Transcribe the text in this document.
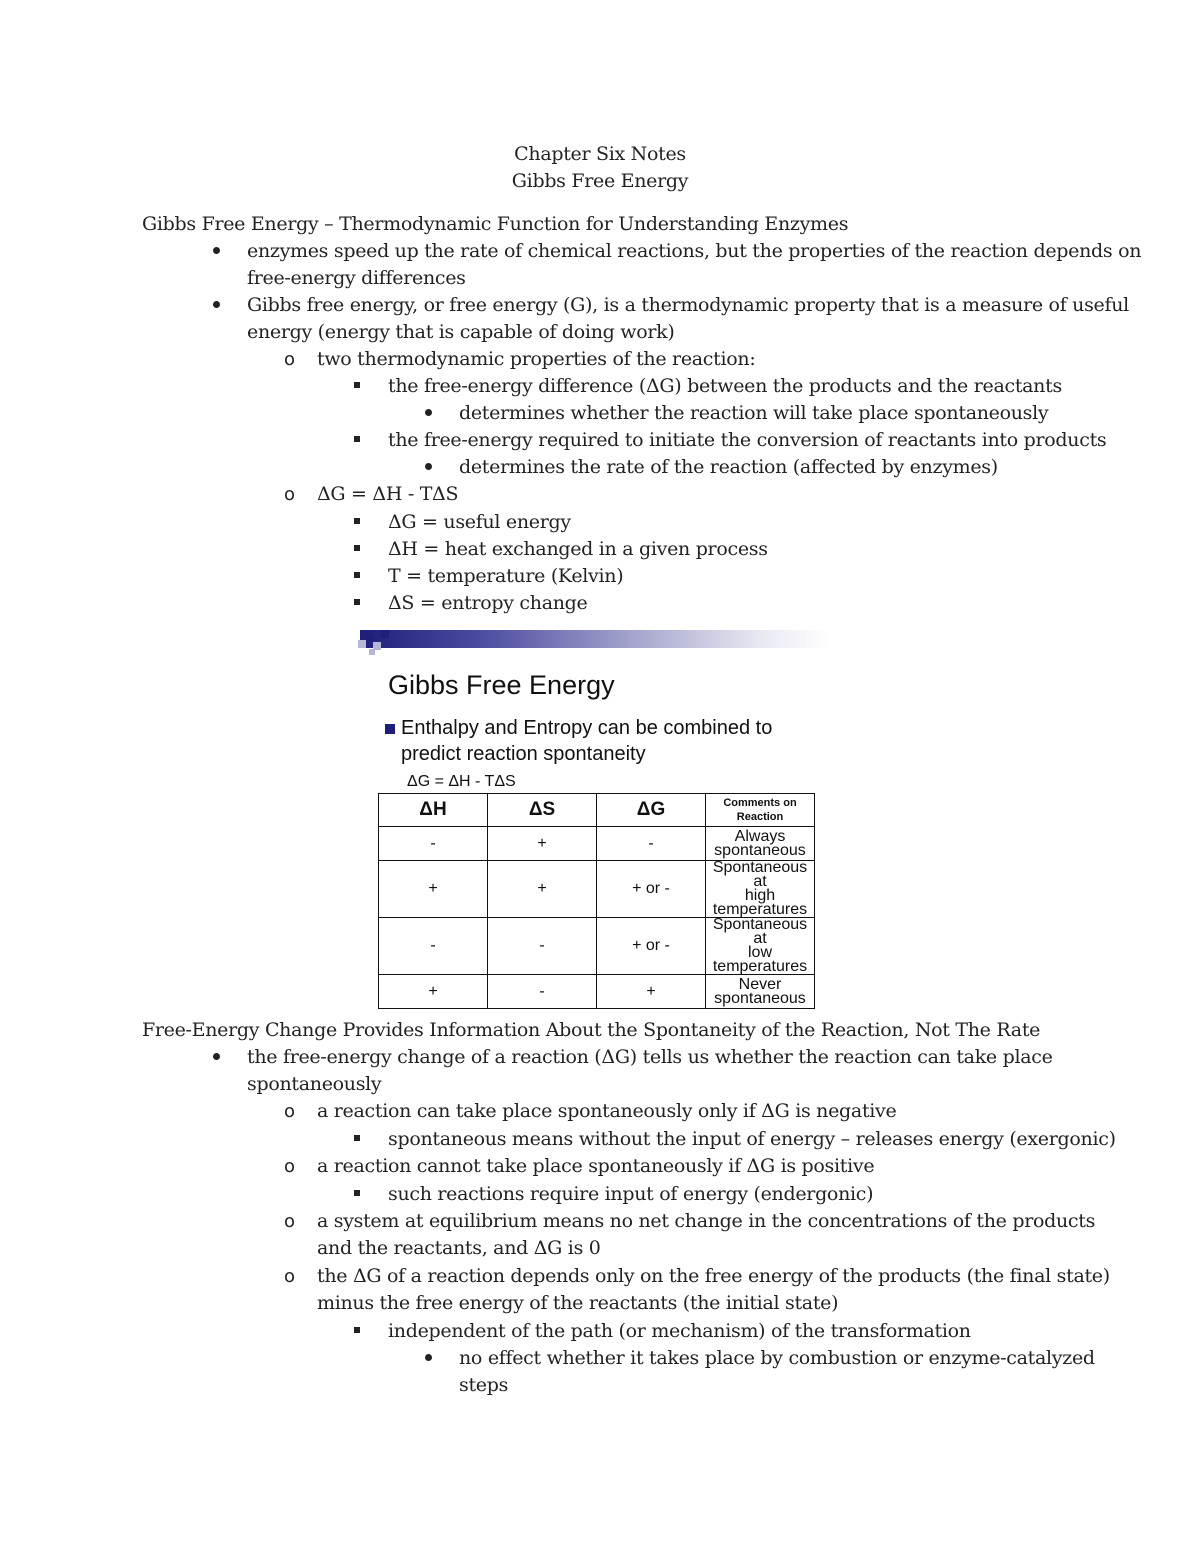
Chapter Six Notes
Gibbs Free Energy
Gibbs Free Energy – Thermodynamic Function for Understanding Enzymes
enzymes speed up the rate of chemical reactions, but the properties of the reaction depends on
free-energy differences
Gibbs free energy, or free energy (G), is a thermodynamic property that is a measure of useful
energy (energy that is capable of doing work)
o two thermodynamic properties of the reaction:
the free-energy difference (ΔG) between the products and the reactants
determines whether the reaction will take place spontaneously
the free-energy required to initiate the conversion of reactants into products
determines the rate of the reaction (affected by enzymes)
o ΔG = ΔH - TΔS
ΔG = useful energy
ΔH = heat exchanged in a given process
T = temperature (Kelvin)
ΔS = entropy change
Gibbs Free Energy
Enthalpy and Entropy can be combined to
predict reaction spontaneity
ΔG = ΔH - TΔS
ΔH	ΔS	ΔG	Comments on
Reaction

-	+	-	Always
spontaneous

+	+	+ or -	Spontaneous at
high temperatures

-	-	+ or -	Spontaneous at
low temperatures

+	-	+	Never
spontaneous
Free-Energy Change Provides Information About the Spontaneity of the Reaction, Not The Rate
the free-energy change of a reaction (ΔG) tells us whether the reaction can take place
spontaneously
o a reaction can take place spontaneously only if ΔG is negative
spontaneous means without the input of energy – releases energy (exergonic)
o a reaction cannot take place spontaneously if ΔG is positive
such reactions require input of energy (endergonic)
o a system at equilibrium means no net change in the concentrations of the products
and the reactants, and ΔG is 0
o the ΔG of a reaction depends only on the free energy of the products (the final state)
minus the free energy of the reactants (the initial state)
independent of the path (or mechanism) of the transformation
no effect whether it takes place by combustion or enzyme-catalyzed
steps
